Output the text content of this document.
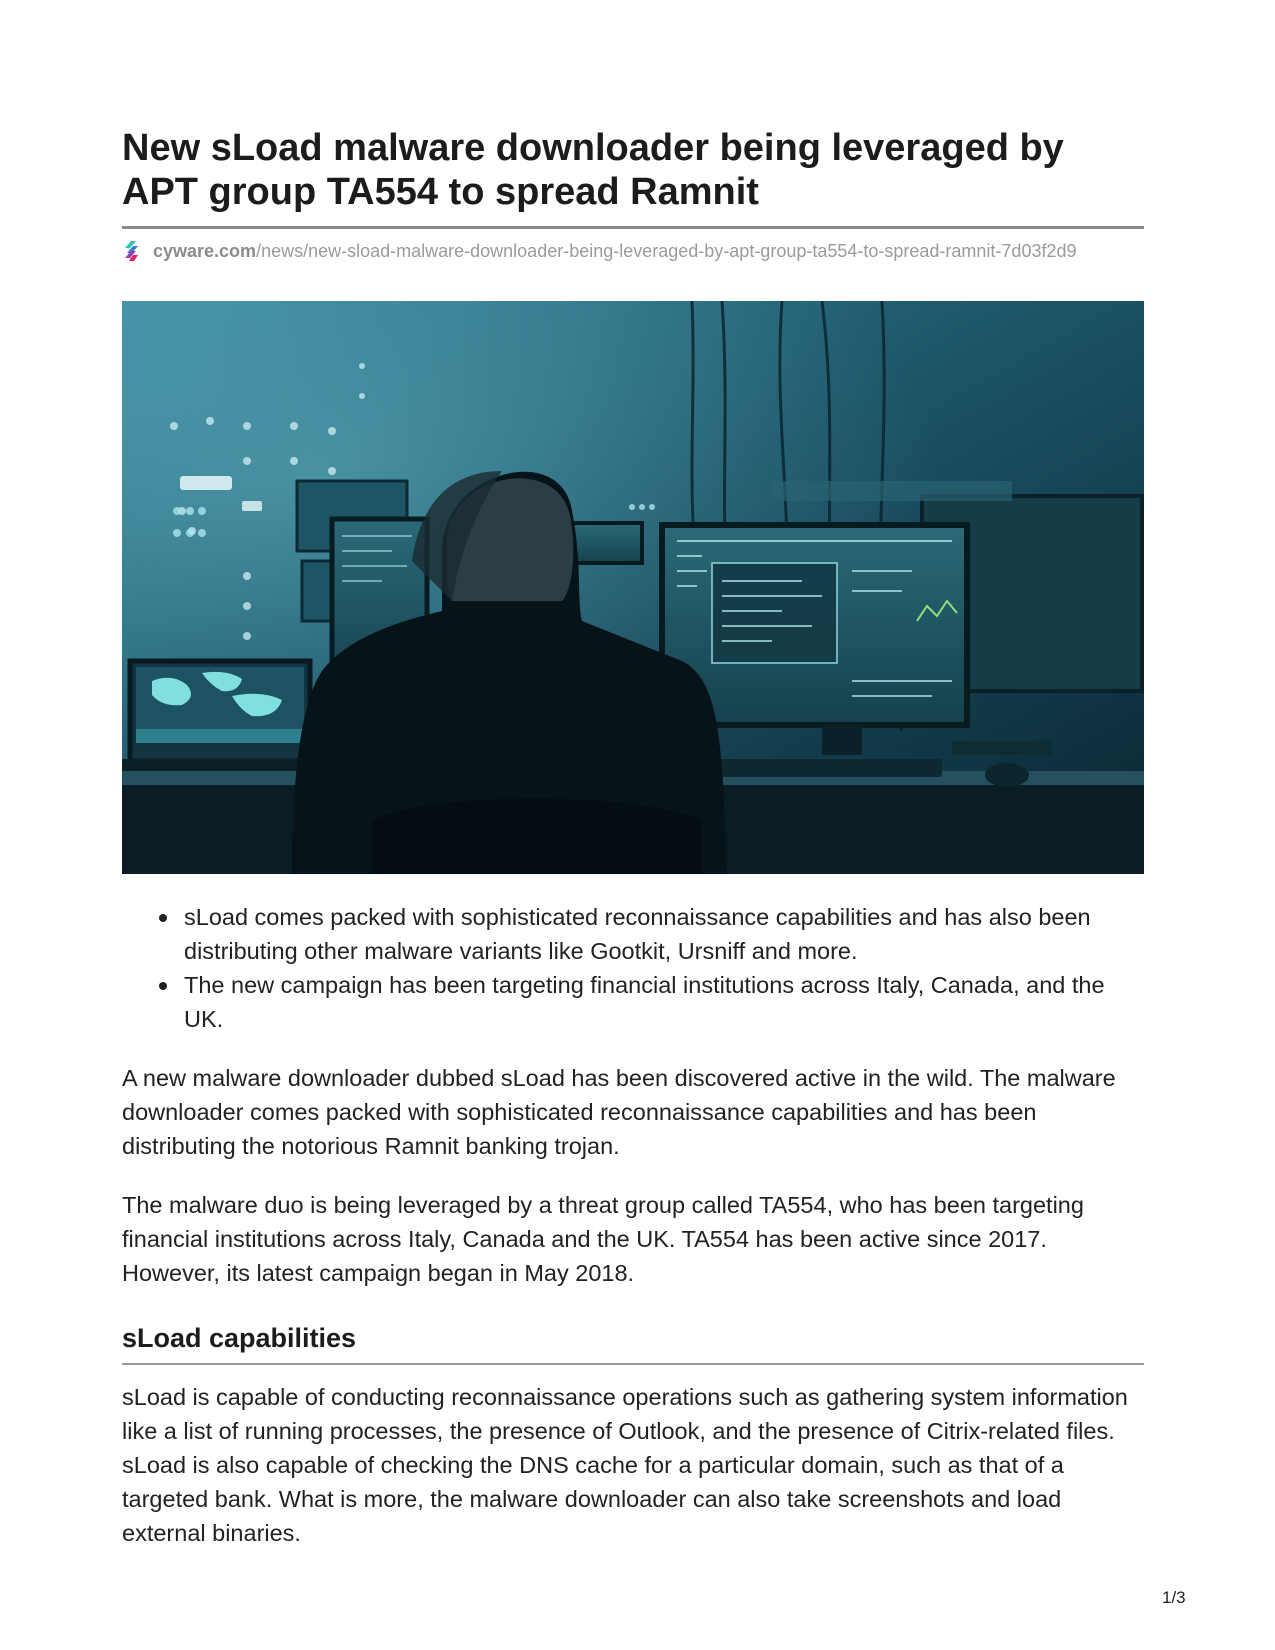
New sLoad malware downloader being leveraged by APT group TA554 to spread Ramnit
cyware.com /news/new-sload-malware-downloader-being-leveraged-by-apt-group-ta554-to-spread-ramnit-7d03f2d9
sLoad comes packed with sophisticated reconnaissance capabilities and has also been distributing other malware variants like Gootkit, Ursniff and more.
The new campaign has been targeting financial institutions across Italy, Canada, and the UK.

A new malware downloader dubbed sLoad has been discovered active in the wild. The malware downloader comes packed with sophisticated reconnaissance capabilities and has been distributing the notorious Ramnit banking trojan.

The malware duo is being leveraged by a threat group called TA554, who has been targeting financial institutions across Italy, Canada and the UK. TA554 has been active since 2017. However, its latest campaign began in May 2018.

sLoad capabilities

sLoad is capable of conducting reconnaissance operations such as gathering system information like a list of running processes, the presence of Outlook, and the presence of Citrix-related files. sLoad is also capable of checking the DNS cache for a particular domain, such as that of a targeted bank. What is more, the malware downloader can also take screenshots and load external binaries.

1/3
